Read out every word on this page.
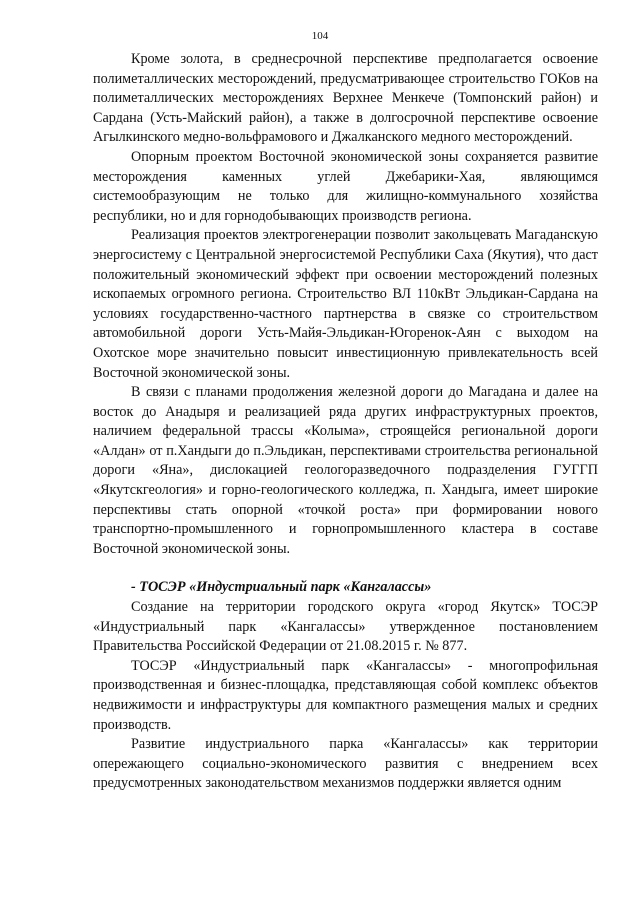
104

Кроме золота, в среднесрочной перспективе предполагается освоение полиметаллических месторождений, предусматривающее строительство ГОКов на полиметаллических месторождениях Верхнее Менкече (Томпонский район) и Сардана (Усть-Майский район), а также в долгосрочной перспективе освоение Агылкинского медно-вольфрамового и Джалканского медного месторождений.

Опорным проектом Восточной экономической зоны сохраняется развитие месторождения каменных углей Джебарики-Хая, являющимся системообразующим не только для жилищно-коммунального хозяйства республики, но и для горнодобывающих производств региона.

Реализация проектов электрогенерации позволит закольцевать Магаданскую энергосистему с Центральной энергосистемой Республики Саха (Якутия), что даст положительный экономический эффект при освоении месторождений полезных ископаемых огромного региона. Строительство ВЛ 110кВт Эльдикан-Сардана на условиях государственно-частного партнерства в связке со строительством автомобильной дороги Усть-Майя-Эльдикан-Югоренок-Аян с выходом на Охотское море значительно повысит инвестиционную привлекательность всей Восточной экономической зоны.

В связи с планами продолжения железной дороги до Магадана и далее на восток до Анадыря и реализацией ряда других инфраструктурных проектов, наличием федеральной трассы «Колыма», строящейся региональной дороги «Алдан» от п.Хандыги до п.Эльдикан, перспективами строительства региональной дороги «Яна», дислокацией геологоразведочного подразделения ГУГГП «Якутскгеология» и горно-геологического колледжа, п. Хандыга, имеет широкие перспективы стать опорной «точкой роста» при формировании нового транспортно-промышленного и горнопромышленного кластера в составе Восточной экономической зоны.

- ТОСЭР «Индустриальный парк «Кангаласcы»

Создание на территории городского округа «город Якутск» ТОСЭР «Индустриальный парк «Кангаласcы» утвержденное постановлением Правительства Российской Федерации от 21.08.2015 г. № 877.

ТОСЭР «Индустриальный парк «Кангаласcы» - многопрофильная производственная и бизнес-площадка, представляющая собой комплекс объектов недвижимости и инфраструктуры для компактного размещения малых и средних производств.

Развитие индустриального парка «Кангаласcы» как территории опережающего социально-экономического развития с внедрением всех предусмотренных законодательством механизмов поддержки является одним
